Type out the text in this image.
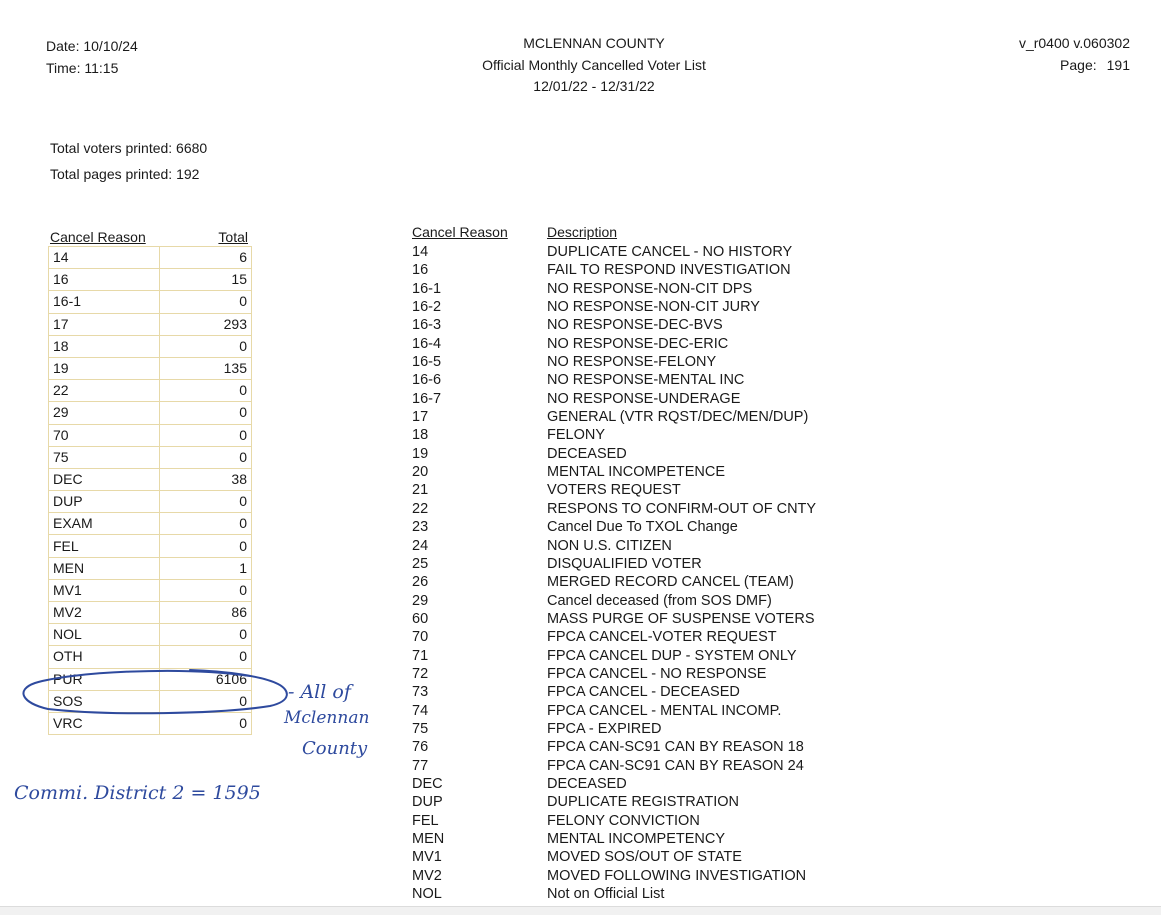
Date: 10/10/24
Time: 11:15
MCLENNAN COUNTY
Official Monthly Cancelled Voter List
12/01/22 - 12/31/22
v_r0400 v.060302
Page: 191
Total voters printed: 6680
Total pages printed: 192
Cancel Reason	Total
14	6
16	15
16-1	0
17	293
18	0
19	135
22	0
29	0
70	0
75	0
DEC	38
DUP	0
EXAM	0
FEL	0
MEN	1
MV1	0
MV2	86
NOL	0
OTH	0
PUR	6106
SOS	0
VRC	0
Cancel Reason	Description
14	DUPLICATE CANCEL - NO HISTORY
16	FAIL TO RESPOND INVESTIGATION
16-1	NO RESPONSE-NON-CIT DPS
16-2	NO RESPONSE-NON-CIT JURY
16-3	NO RESPONSE-DEC-BVS
16-4	NO RESPONSE-DEC-ERIC
16-5	NO RESPONSE-FELONY
16-6	NO RESPONSE-MENTAL INC
16-7	NO RESPONSE-UNDERAGE
17	GENERAL (VTR RQST/DEC/MEN/DUP)
18	FELONY
19	DECEASED
20	MENTAL INCOMPETENCE
21	VOTERS REQUEST
22	RESPONS TO CONFIRM-OUT OF CNTY
23	Cancel Due To TXOL Change
24	NON U.S. CITIZEN
25	DISQUALIFIED VOTER
26	MERGED RECORD CANCEL (TEAM)
29	Cancel deceased (from SOS DMF)
60	MASS PURGE OF SUSPENSE VOTERS
70	FPCA CANCEL-VOTER REQUEST
71	FPCA CANCEL DUP - SYSTEM ONLY
72	FPCA CANCEL - NO RESPONSE
73	FPCA CANCEL - DECEASED
74	FPCA CANCEL - MENTAL INCOMP.
75	FPCA - EXPIRED
76	FPCA CAN-SC91 CAN BY REASON 18
77	FPCA CAN-SC91 CAN BY REASON 24
DEC	DECEASED
DUP	DUPLICATE REGISTRATION
FEL	FELONY CONVICTION
MEN	MENTAL INCOMPETENCY
MV1	MOVED SOS/OUT OF STATE
MV2	MOVED FOLLOWING INVESTIGATION
NOL	Not on Official List
- All of
Mclennan
County
Commi. District 2 = 1595
